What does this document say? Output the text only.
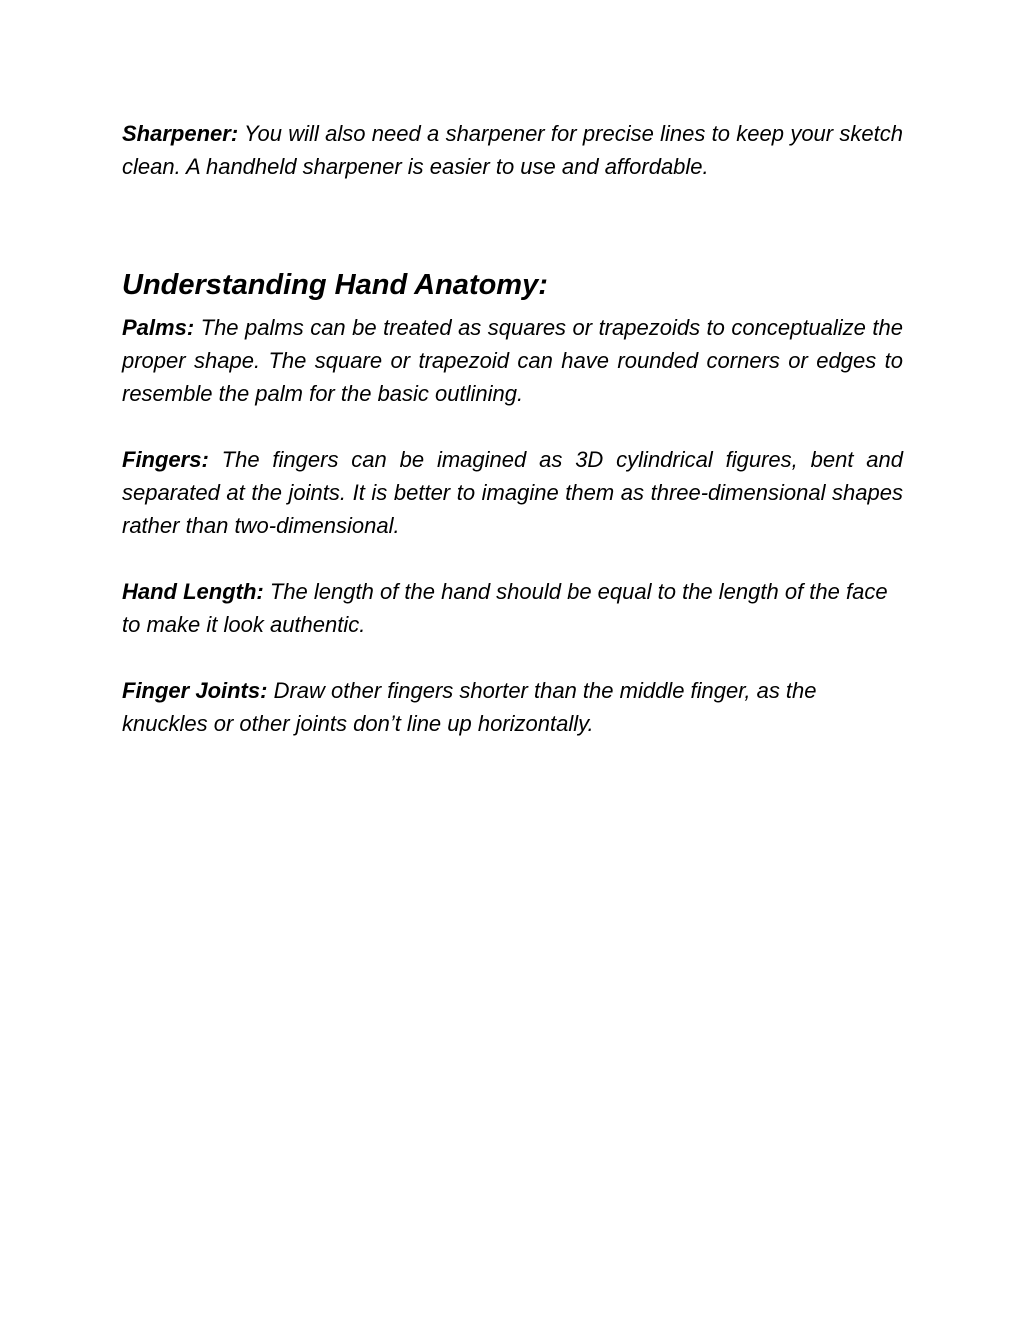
Sharpener: You will also need a sharpener for precise lines to keep your sketch clean. A handheld sharpener is easier to use and affordable.

Understanding Hand Anatomy:

Palms: The palms can be treated as squares or trapezoids to conceptualize the proper shape. The square or trapezoid can have rounded corners or edges to resemble the palm for the basic outlining.

Fingers: The fingers can be imagined as 3D cylindrical figures, bent and separated at the joints. It is better to imagine them as three-dimensional shapes rather than two-dimensional.

Hand Length: The length of the hand should be equal to the length of the face to make it look authentic.

Finger Joints: Draw other fingers shorter than the middle finger, as the knuckles or other joints don’t line up horizontally.
